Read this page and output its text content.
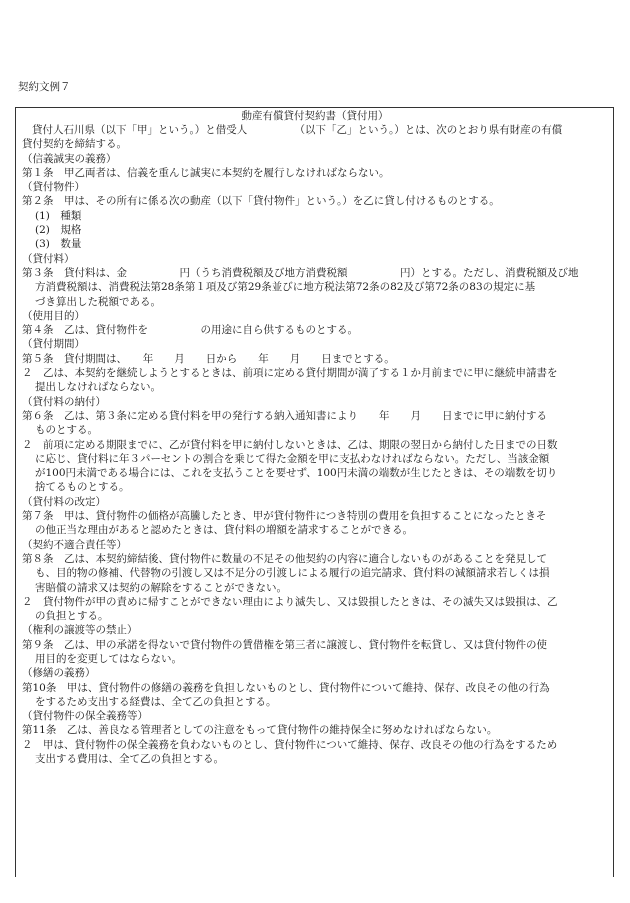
契約文例７
動産有償貸付契約書（貸付用）
貸付人石川県（以下「甲」という。）と借受人　　　　　（以下「乙」という。）とは、次のとおり県有財産の有償
貸付契約を締結する。
（信義誠実の義務）
第１条　甲乙両者は、信義を重んじ誠実に本契約を履行しなければならない。
（貸付物件）
第２条　甲は、その所有に係る次の動産（以下「貸付物件」という。）を乙に貸し付けるものとする。
(1)　種類
(2)　規格
(3)　数量
（貸付料）
第３条　貸付料は、金　　　　　円（うち消費税額及び地方消費税額　　　　　円）とする。ただし、消費税額及び地
方消費税額は、消費税法第28条第１項及び第29条並びに地方税法第72条の82及び第72条の83の規定に基
づき算出した税額である。
（使用目的）
第４条　乙は、貸付物件を　　　　　の用途に自ら供するものとする。
（貸付期間）
第５条　貸付期間は、　　年　　月　　日から　　年　　月　　日までとする。
２　乙は、本契約を継続しようとするときは、前項に定める貸付期間が満了する１か月前までに甲に継続申請書を
提出しなければならない。
（貸付料の納付）
第６条　乙は、第３条に定める貸付料を甲の発行する納入通知書により　　年　　月　　日までに甲に納付する
ものとする。
２　前項に定める期限までに、乙が貸付料を甲に納付しないときは、乙は、期限の翌日から納付した日までの日数
に応じ、貸付料に年３パーセントの割合を乗じて得た金額を甲に支払わなければならない。ただし、当該金額
が100円未満である場合には、これを支払うことを要せず、100円未満の端数が生じたときは、その端数を切り
捨てるものとする。
（貸付料の改定）
第７条　甲は、貸付物件の価格が高騰したとき、甲が貸付物件につき特別の費用を負担することになったときそ
の他正当な理由があると認めたときは、貸付料の増額を請求することができる。
（契約不適合責任等）
第８条　乙は、本契約締結後、貸付物件に数量の不足その他契約の内容に適合しないものがあることを発見して
も、目的物の修補、代替物の引渡し又は不足分の引渡しによる履行の追完請求、貸付料の減額請求若しくは損
害賠償の請求又は契約の解除をすることができない。
２　貸付物件が甲の責めに帰すことができない理由により滅失し、又は毀損したときは、その滅失又は毀損は、乙
の負担とする。
（権利の譲渡等の禁止）
第９条　乙は、甲の承諾を得ないで貸付物件の賃借権を第三者に譲渡し、貸付物件を転貸し、又は貸付物件の使
用目的を変更してはならない。
（修繕の義務）
第10条　甲は、貸付物件の修繕の義務を負担しないものとし、貸付物件について維持、保存、改良その他の行為
をするため支出する経費は、全て乙の負担とする。
（貸付物件の保全義務等）
第11条　乙は、善良なる管理者としての注意をもって貸付物件の維持保全に努めなければならない。
２　甲は、貸付物件の保全義務を負わないものとし、貸付物件について維持、保存、改良その他の行為をするため
支出する費用は、全て乙の負担とする。
